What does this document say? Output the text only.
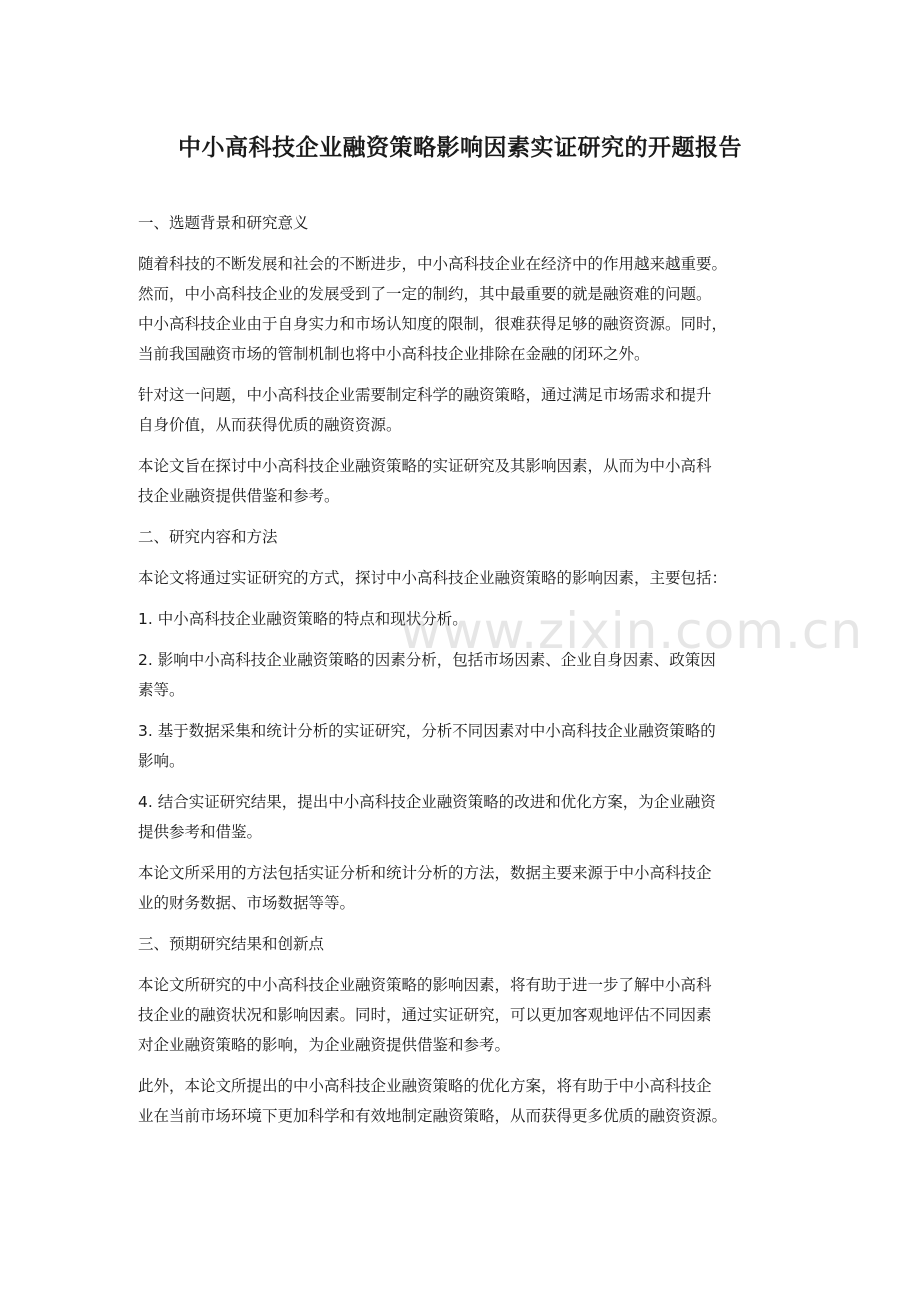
www.zixin.com.cn
中小高科技企业融资策略影响因素实证研究的开题报告
一、选题背景和研究意义

随着科技的不断发展和社会的不断进步，中小高科技企业在经济中的作用越来越重要。

然而，中小高科技企业的发展受到了一定的制约，其中最重要的就是融资难的问题。

中小高科技企业由于自身实力和市场认知度的限制，很难获得足够的融资资源。同时，

当前我国融资市场的管制机制也将中小高科技企业排除在金融的闭环之外。

针对这一问题，中小高科技企业需要制定科学的融资策略，通过满足市场需求和提升

自身价值，从而获得优质的融资资源。

本论文旨在探讨中小高科技企业融资策略的实证研究及其影响因素，从而为中小高科

技企业融资提供借鉴和参考。

二、研究内容和方法

本论文将通过实证研究的方式，探讨中小高科技企业融资策略的影响因素，主要包括：

1. 中小高科技企业融资策略的特点和现状分析。

2. 影响中小高科技企业融资策略的因素分析，包括市场因素、企业自身因素、政策因

素等。

3. 基于数据采集和统计分析的实证研究，分析不同因素对中小高科技企业融资策略的

影响。

4. 结合实证研究结果，提出中小高科技企业融资策略的改进和优化方案，为企业融资

提供参考和借鉴。

本论文所采用的方法包括实证分析和统计分析的方法，数据主要来源于中小高科技企

业的财务数据、市场数据等等。

三、预期研究结果和创新点

本论文所研究的中小高科技企业融资策略的影响因素，将有助于进一步了解中小高科

技企业的融资状况和影响因素。同时，通过实证研究，可以更加客观地评估不同因素

对企业融资策略的影响，为企业融资提供借鉴和参考。

此外，本论文所提出的中小高科技企业融资策略的优化方案，将有助于中小高科技企

业在当前市场环境下更加科学和有效地制定融资策略，从而获得更多优质的融资资源。
